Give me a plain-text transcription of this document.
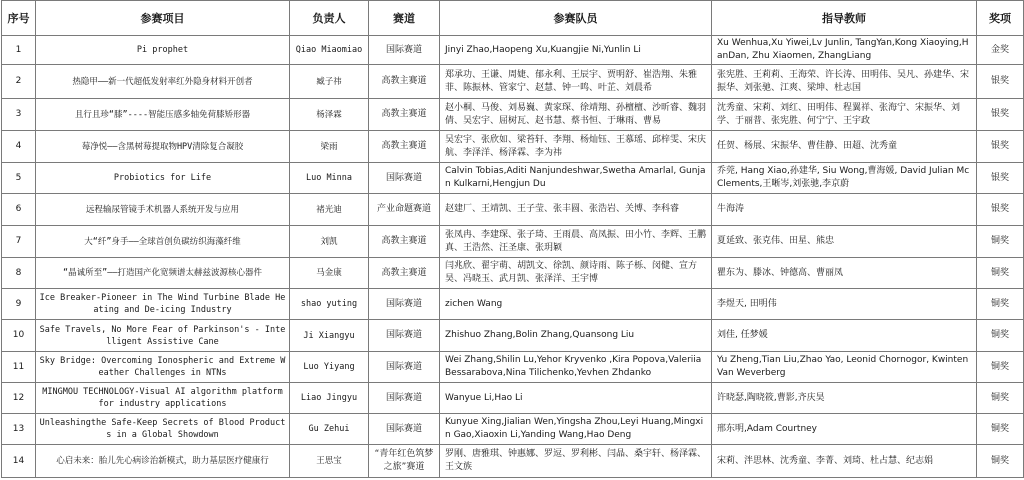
序号	参赛项目	负责人	赛道	参赛队员	指导教师	奖项
1	Pi prophet	Qiao Miaomiao	国际赛道	Jinyi Zhao,Haopeng Xu,Kuangjie Ni,Yunlin Li	Xu Wenhua,Xu Yiwei,Lv Junlin, TangYan,Kong Xiaoying,HanDan, Zhu Xiaomen, ZhangLiang	金奖
2	热隐甲——新一代超低发射率红外隐身材料开创者	臧子祎	高教主赛道	郑承功、王谦、周婕、郁永利、王辰宇、贾明舒、崔浩翔、朱雅菲、陈振林、管家宁、赵慧、钟一鸣、叶芷、刘晨希	张宪胜、王莉莉、王海荣、许长涛、田明伟、吴凡、孙建华、宋振华、刘张驰、江爽、梁坤、杜志国	银奖
3	且行且珍“膝”----智能压感多轴免荷膝矫形器	杨泽霖	高教主赛道	赵小桐、马俊、刘易巍、黄家琛、徐靖翔、孙檀檀、沙昕睿、魏羽倩、吴宏宇、屈树瓦、赵书慧、蔡书恒、于琳雨、曹易	沈秀童、宋莉、刘红、田明伟、程翼祥、张海宁、宋振华、刘学、于丽普、张宪胜、何宁宁、王宇政	银奖
4	莓净悦——含黑树莓提取物HPV清除复合凝胶	梁雨	高教主赛道	吴宏宇、张欣如、梁苔轩、李翔、杨灿钰、王慕瑶、邱梓雯、宋庆航、李泽洋、杨泽霖、李为祎	任贺、杨展、宋振华、曹佳静、田超、沈秀童	银奖
5	Probiotics for Life	Luo Minna	国际赛道	Calvin Tobias,Aditi Nanjundeshwar,Swetha Amarlal, Gunjan Kulkarni,Hengjun Du	乔莞, Hang Xiao,孙建华, Siu Wong,曹海媛, David Julian McClements,王晰岑,刘张驰,李京蔚	银奖
6	远程输尿管镜手术机器人系统开发与应用	褚光迪	产业命题赛道	赵建厂、王靖凯、王子莹、张丰圆、张浩岩、关博、李科睿	牛海涛	银奖
7	大“纤”身手——全球首创负碳纺织海藻纤维	刘凯	高教主赛道	张凤冉、李建琛、张子琦、王雨晨、高凤振、田小竹、李辉、王鹏真、王浩然、汪圣康、张玥颖	夏延致、张克伟、田星、熊忠	铜奖
8	“晶诚所至”——打造国产化宽频谱太赫兹波源核心器件	马金康	高教主赛道	闫兆欣、翟宇萌、胡凯文、徐凯、颜诗雨、陈子栎、闵健、宣方昊、冯晓玉、武月凯、张泽洋、王宇博	瞿东为、滕冰、钟德高、曹丽凤	铜奖
9	Ice Breaker-Pioneer in The Wind Turbine Blade Heating and De-icing Industry	shao yuting	国际赛道	zichen Wang	李煜天, 田明伟	铜奖
10	Safe Travels, No More Fear of Parkinson's - Intelligent Assistive Cane	Ji Xiangyu	国际赛道	Zhishuo Zhang,Bolin Zhang,Quansong Liu	刘佳, 任梦媛	铜奖
11	Sky Bridge: Overcoming Ionospheric and Extreme Weather Challenges in NTNs	Luo Yiyang	国际赛道	Wei Zhang,Shilin Lu,Yehor Kryvenko ,Kira Popova,Valeriia Bessarabova,Nina Tilichenko,Yevhen Zhdanko	Yu Zheng,Tian Liu,Zhao Yao, Leonid Chornogor, Kwinten Van Weverberg	铜奖
12	MINGMOU TECHNOLOGY-Visual AI algorithm platform for industry applications	Liao Jingyu	国际赛道	Wanyue Li,Hao Li	许晓瑟,陶晓筱,曹影,齐庆昊	铜奖
13	Unleashingthe Safe-Keep Secrets of Blood Products in a Global Showdown	Gu Zehui	国际赛道	Kunyue Xing,Jialian Wen,Yingsha Zhou,Leyi Huang,Mingxin Gao,Xiaoxin Li,Yanding Wang,Hao Deng	邢东明,Adam Courtney	铜奖
14	心启未来：胎儿先心病诊治新模式，助力基层医疗健康行	王思宝	“青年红色筑梦之旅”赛道	罗刚、唐雅琪、钟惠娜、罗逗、罗利彬、闫晶、桑宇轩、杨泽霖、王文族	宋莉、泮思林、沈秀童、李菁、刘琦、杜占慧、纪志娟	铜奖
